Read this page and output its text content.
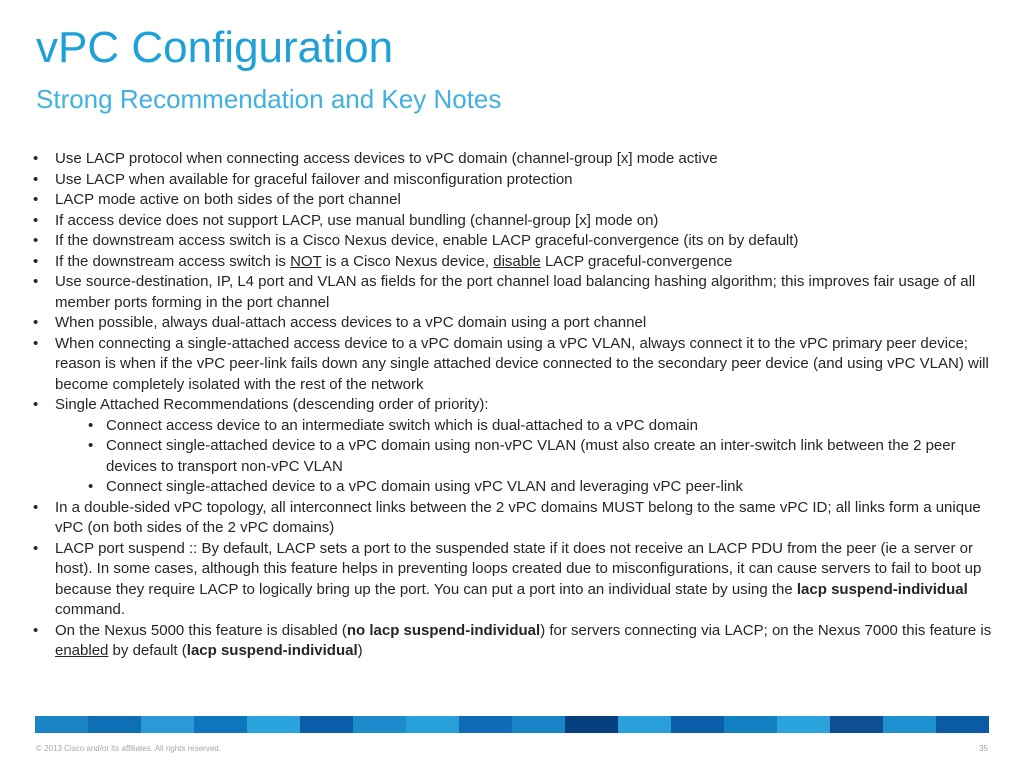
vPC Configuration
Strong Recommendation and Key Notes
• Use LACP protocol when connecting access devices to vPC domain (channel-group [x] mode active
• Use LACP when available for graceful failover and misconfiguration protection
• LACP mode active on both sides of the port channel
• If access device does not support LACP, use manual bundling (channel-group [x] mode on)
• If the downstream access switch is a Cisco Nexus device, enable LACP graceful-convergence (its on by default)
• If the downstream access switch is NOT is a Cisco Nexus device, disable LACP graceful-convergence
• Use source-destination, IP, L4 port and VLAN as fields for the port channel load balancing hashing algorithm; this improves fair usage of all member ports forming in the port channel
• When possible, always dual-attach access devices to a vPC domain using a port channel
• When connecting a single-attached access device to a vPC domain using a vPC VLAN, always connect it to the vPC primary peer device; reason is when if the vPC peer-link fails down any single attached device connected to the secondary peer device (and using vPC VLAN) will become completely isolated with the rest of the network
• Single Attached Recommendations (descending order of priority):
• Connect access device to an intermediate switch which is dual-attached to a vPC domain
• Connect single-attached device to a vPC domain using non-vPC VLAN (must also create an inter-switch link between the 2 peer devices to transport non-vPC VLAN
• Connect single-attached device to a vPC domain using vPC VLAN and leveraging vPC peer-link
• In a double-sided vPC topology, all interconnect links between the 2 vPC domains MUST belong to the same vPC ID; all links form a unique vPC (on both sides of the 2 vPC domains)
• LACP port suspend :: By default, LACP sets a port to the suspended state if it does not receive an LACP PDU from the peer (ie a server or host). In some cases, although this feature helps in preventing loops created due to misconfigurations, it can cause servers to fail to boot up because they require LACP to logically bring up the port. You can put a port into an individual state by using the lacp suspend-individual command.
• On the Nexus 5000 this feature is disabled (no lacp suspend-individual) for servers connecting via LACP; on the Nexus 7000 this feature is enabled by default (lacp suspend-individual)
© 2013 Cisco and/or its affiliates. All rights reserved.	35
